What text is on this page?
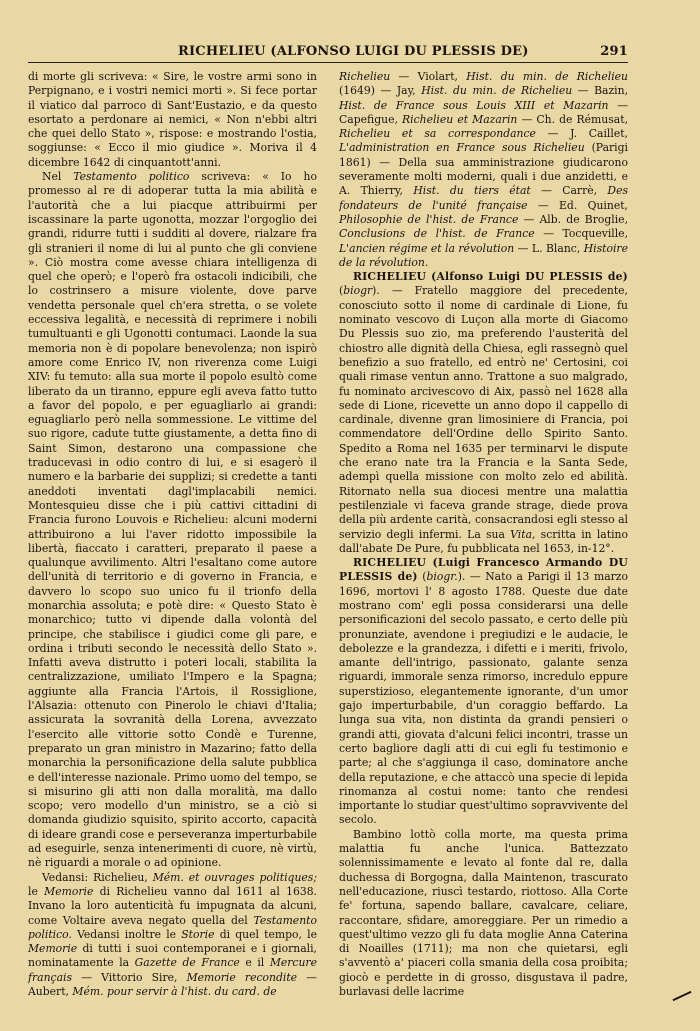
RICHELIEU (ALFONSO LUIGI DU PLESSIS DE)	291

di morte gli scriveva: « Sire, le vostre armi sono in Perpignano, e i vostri nemici morti ». Si fece portar il viatico dal parroco di Sant'Eustazio, e da questo esortato a perdonare ai nemici, « Non n'ebbi altri che quei dello Stato », rispose: e mostrando l'ostia, soggiunse: « Ecco il mio giudice ». Moriva il 4 dicembre 1642 di cinquantott'anni.

Nel Testamento politico scriveva: « Io ho promesso al re di adoperar tutta la mia abilità e l'autorità che a lui piacque attribuirmi per iscassinare la parte ugonotta, mozzar l'orgoglio dei grandi, ridurre tutti i sudditi al dovere, rialzare fra gli stranieri il nome di lui al punto che gli conviene ». Ciò mostra come avesse chiara intelligenza di quel che operò; e l'operò fra ostacoli indicibili, che lo costrinsero a misure violente, dove parve vendetta personale quel ch'era stretta, o se volete eccessiva legalità, e necessità di reprimere i nobili tumultuanti e gli Ugonotti contumaci. Laonde la sua memoria non è di popolare benevolenza; non ispirò amore come Enrico IV, non riverenza come Luigi XIV: fu temuto: alla sua morte il popolo esultò come liberato da un tiranno, eppure egli aveva fatto tutto a favor del popolo, e per eguagliarlo ai grandi: eguagliarlo però nella sommessione. Le vittime del suo rigore, cadute tutte giustamente, a detta fino di Saint Simon, destarono una compassione che traducevasi in odio contro di lui, e si esagerò il numero e la barbarie dei supplizi; si credette a tanti aneddoti inventati dagl'implacabili nemici. Montesquieu disse che i più cattivi cittadini di Francia furono Louvois e Richelieu: alcuni moderni attribuirono a lui l'aver ridotto impossibile la libertà, fiaccato i caratteri, preparato il paese a qualunque avvilimento. Altri l'esaltano come autore dell'unità di territorio e di governo in Francia, e davvero lo scopo suo unico fu il trionfo della monarchia assoluta; e potè dire: « Questo Stato è monarchico; tutto vi dipende dalla volontà del principe, che stabilisce i giudici come gli pare, e ordina i tributi secondo le necessità dello Stato ». Infatti aveva distrutto i poteri locali, stabilita la centralizzazione, umiliato l'Impero e la Spagna; aggiunte alla Francia l'Artois, il Rossiglione, l'Alsazia: ottenuto con Pinerolo le chiavi d'Italia; assicurata la sovranità della Lorena, avvezzato l'esercito alle vittorie sotto Condè e Turenne, preparato un gran ministro in Mazarino; fatto della monarchia la personificazione della salute pubblica e dell'interesse nazionale. Primo uomo del tempo, se si misurino gli atti non dalla moralità, ma dallo scopo; vero modello d'un ministro, se a ciò si domanda giudizio squisito, spirito accorto, capacità di ideare grandi cose e perseveranza imperturbabile ad eseguirle, senza intenerimenti di cuore, nè virtù, nè riguardi a morale o ad opinione.

Vedansi: Richelieu, Mém. et ouvrages politiques; le Memorie di Richelieu vanno dal 1611 al 1638. Invano la loro autenticità fu impugnata da alcuni, come Voltaire aveva negato quella del Testamento politico. Vedansi inoltre le Storie di quel tempo, le Memorie di tutti i suoi contemporanei e i giornali, nominatamente la Gazette de France e il Mercure français — Vittorio Sire, Memorie recondite — Aubert, Mém. pour servir à l'hist. du card. de

Richelieu — Violart, Hist. du min. de Richelieu (1649) — Jay, Hist. du min. de Richelieu — Bazin, Hist. de France sous Louis XIII et Mazarin — Capefigue, Richelieu et Mazarin — Ch. de Rémusat, Richelieu et sa correspondance — J. Caillet, L'administration en France sous Richelieu (Parigi 1861) — Della sua amministrazione giudicarono severamente molti moderni, quali i due anzidetti, e A. Thierry, Hist. du tiers état — Carrè, Des fondateurs de l'unité française — Ed. Quinet, Philosophie de l'hist. de France — Alb. de Broglie, Conclusions de l'hist. de France — Tocqueville, L'ancien régime et la révolution — L. Blanc, Histoire de la révolution.

RICHELIEU (Alfonso Luigi DU PLESSIS de) (biogr). — Fratello maggiore del precedente, conosciuto sotto il nome di cardinale di Lione, fu nominato vescovo di Luçon alla morte di Giacomo Du Plessis suo zio, ma preferendo l'austerità del chiostro alle dignità della Chiesa, egli rassegnò quel benefizio a suo fratello, ed entrò ne' Certosini, coi quali rimase ventun anno. Trattone a suo malgrado, fu nominato arcivescovo di Aix, passò nel 1628 alla sede di Lione, ricevette un anno dopo il cappello di cardinale, divenne gran limosiniere di Francia, poi commendatore dell'Ordine dello Spirito Santo. Spedito a Roma nel 1635 per terminarvi le dispute che erano nate tra la Francia e la Santa Sede, adempì quella missione con molto zelo ed abilità. Ritornato nella sua diocesi mentre una malattia pestilenziale vi faceva grande strage, diede prova della più ardente carità, consacrandosi egli stesso al servizio degli infermi. La sua Vita, scritta in latino dall'abate De Pure, fu pubblicata nel 1653, in-12°.

RICHELIEU (Luigi Francesco Armando DU PLESSIS de) (biogr.). — Nato a Parigi il 13 marzo 1696, mortovi l' 8 agosto 1788. Queste due date mostrano com' egli possa considerarsi una delle personificazioni del secolo passato, e certo delle più pronunziate, avendone i pregiudizi e le audacie, le debolezze e la grandezza, i difetti e i meriti, frivolo, amante dell'intrigo, passionato, galante senza riguardi, immorale senza rimorso, incredulo eppure superstizioso, elegantemente ignorante, d'un umor gajo imperturbabile, d'un coraggio beffardo. La lunga sua vita, non distinta da grandi pensieri o grandi atti, giovata d'alcuni felici incontri, trasse un certo bagliore dagli atti di cui egli fu testimonio e parte; al che s'aggiunga il caso, dominatore anche della reputazione, e che attaccò una specie di lepida rinomanza al costui nome: tanto che rendesi importante lo studiar quest'ultimo sopravvivente del secolo.

Bambino lottò colla morte, ma questa prima malattia fu anche l'unica. Battezzato solennissimamente e levato al fonte dal re, dalla duchessa di Borgogna, dalla Maintenon, trascurato nell'educazione, riuscì testardo, riottoso. Alla Corte fe' fortuna, sapendo ballare, cavalcare, celiare, raccontare, sfidare, amoreggiare. Per un rimedio a quest'ultimo vezzo gli fu data moglie Anna Caterina di Noailles (1711); ma non che quietarsi, egli s'avventò a' piaceri colla smania della cosa proibita; giocò e perdette in di grosso, disgustava il padre, burlavasi delle lacrime
